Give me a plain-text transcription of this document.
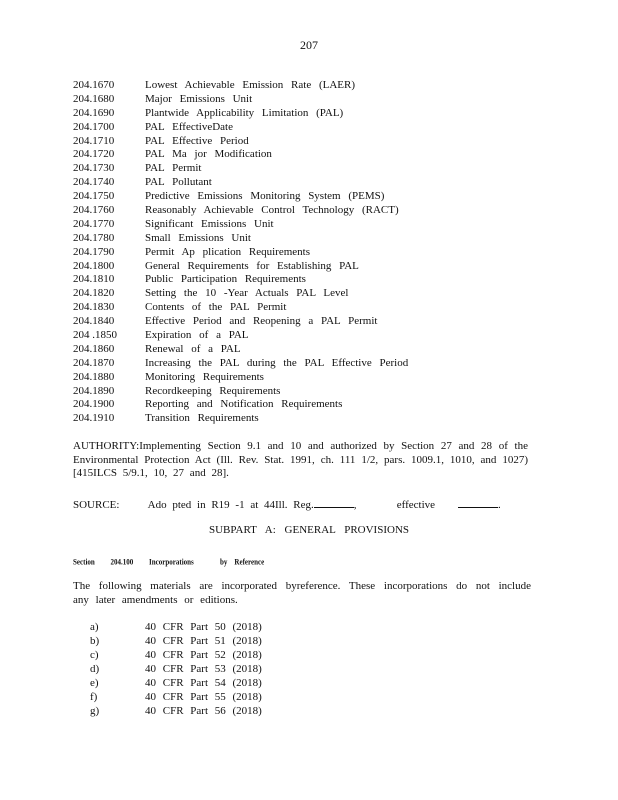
207
204.1670	Lowest Achievable Emission Rate (LAER)
204.1680	Major Emissions Unit
204.1690	Plantwide Applicability Limitation (PAL)
204.1700	PAL EffectiveDate
204.1710	PAL Effective Period
204.1720	PAL Ma jor Modification
204.1730	PAL Permit
204.1740	PAL Pollutant
204.1750	Predictive Emissions Monitoring System (PEMS)
204.1760	Reasonably Achievable Control Technology (RACT)
204.1770	Significant Emissions Unit
204.1780	Small Emissions Unit
204.1790	Permit Ap plication Requirements
204.1800	General Requirements for Establishing PAL
204.1810	Public Participation Requirements
204.1820	Setting the 10 -Year Actuals PAL Level
204.1830	Contents of the PAL Permit
204.1840	Effective Period and Reopening a PAL Permit
204 .1850	Expiration of a PAL
204.1860	Renewal of a PAL
204.1870	Increasing the PAL during the PAL Effective Period
204.1880	Monitoring Requirements
204.1890	Recordkeeping Requirements
204.1900	Reporting and Notification Requirements
204.1910	Transition Requirements
AUTHORITY:Implementing Section 9.1 and 10 and authorized by Section 27 and 28 of the Environmental Protection Act (Ill. Rev. Stat. 1991, ch. 111 1/2, pars. 1009.1, 1010, and 1027) [415ILCS 5/9.1, 10, 27 and 28].
SOURCE:	Ado pted in R19 -1 at 44Ill. Reg.	,	effective	.
SUBPART A: GENERAL PROVISIONS
Section 204.100 Incorporations	by Reference
The following materials are incorporated byreference. These incorporations do not include any later amendments or editions.
a)	40 CFR Part 50 (2018)
b)	40 CFR Part 51 (2018)
c)	40 CFR Part 52 (2018)
d)	40 CFR Part 53 (2018)
e)	40 CFR Part 54 (2018)
f)	40 CFR Part 55 (2018)
g)	40 CFR Part 56 (2018)
